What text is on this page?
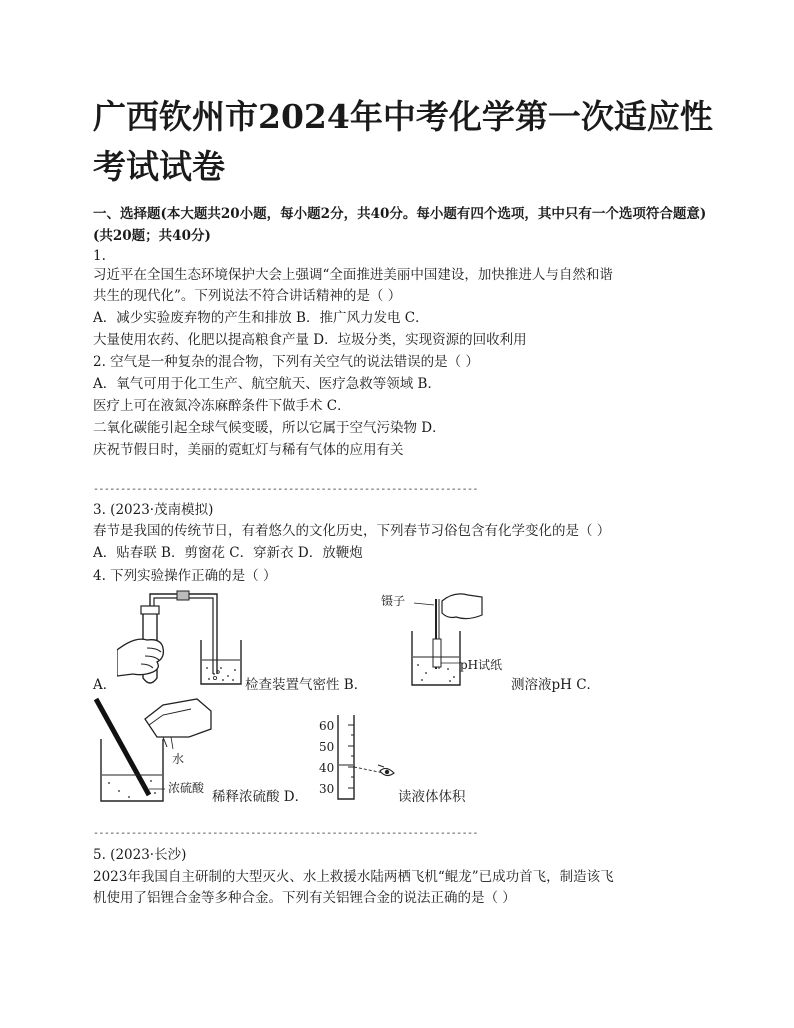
广西钦州市2024年中考化学第一次适应性考试试卷

一、选择题(本大题共20小题，每小题2分，共40分。每小题有四个选项，其中只有一个选项符合题意)(共20题；共40分)

1.
习近平在全国生态环境保护大会上强调“全面推进美丽中国建设，加快推进人与自然和谐
共生的现代化”。下列说法不符合讲话精神的是（ ）
A．减少实验废弃物的产生和排放 B．推广风力发电 C．
大量使用农药、化肥以提高粮食产量 D．垃圾分类，实现资源的回收利用
2. 空气是一种复杂的混合物，下列有关空气的说法错误的是（ ）
A．氧气可用于化工生产、航空航天、医疗急救等领域 B．
医疗上可在液氮冷冻麻醉条件下做手术 C．
二氧化碳能引起全球气候变暖，所以它属于空气污染物 D．
庆祝节假日时，美丽的霓虹灯与稀有气体的应用有关
-----------------------------------------------------------------------
3. (2023·茂南模拟)
春节是我国的传统节日，有着悠久的文化历史，下列春节习俗包含有化学变化的是（ ）
A．贴春联 B．剪窗花 C．穿新衣 D．放鞭炮
4. 下列实验操作正确的是（ ）
A．	检查装置气密性 B．
镊子
pH试纸
测溶液pH C．
水
浓硫酸
稀释浓硫酸 D．
60
50
40
30	读液体体积
-----------------------------------------------------------------------
5. (2023·长沙)
2023年我国自主研制的大型灭火、水上救援水陆两栖飞机“鲲龙”已成功首飞，制造该飞
机使用了铝锂合金等多种合金。下列有关铝锂合金的说法正确的是（ ）
